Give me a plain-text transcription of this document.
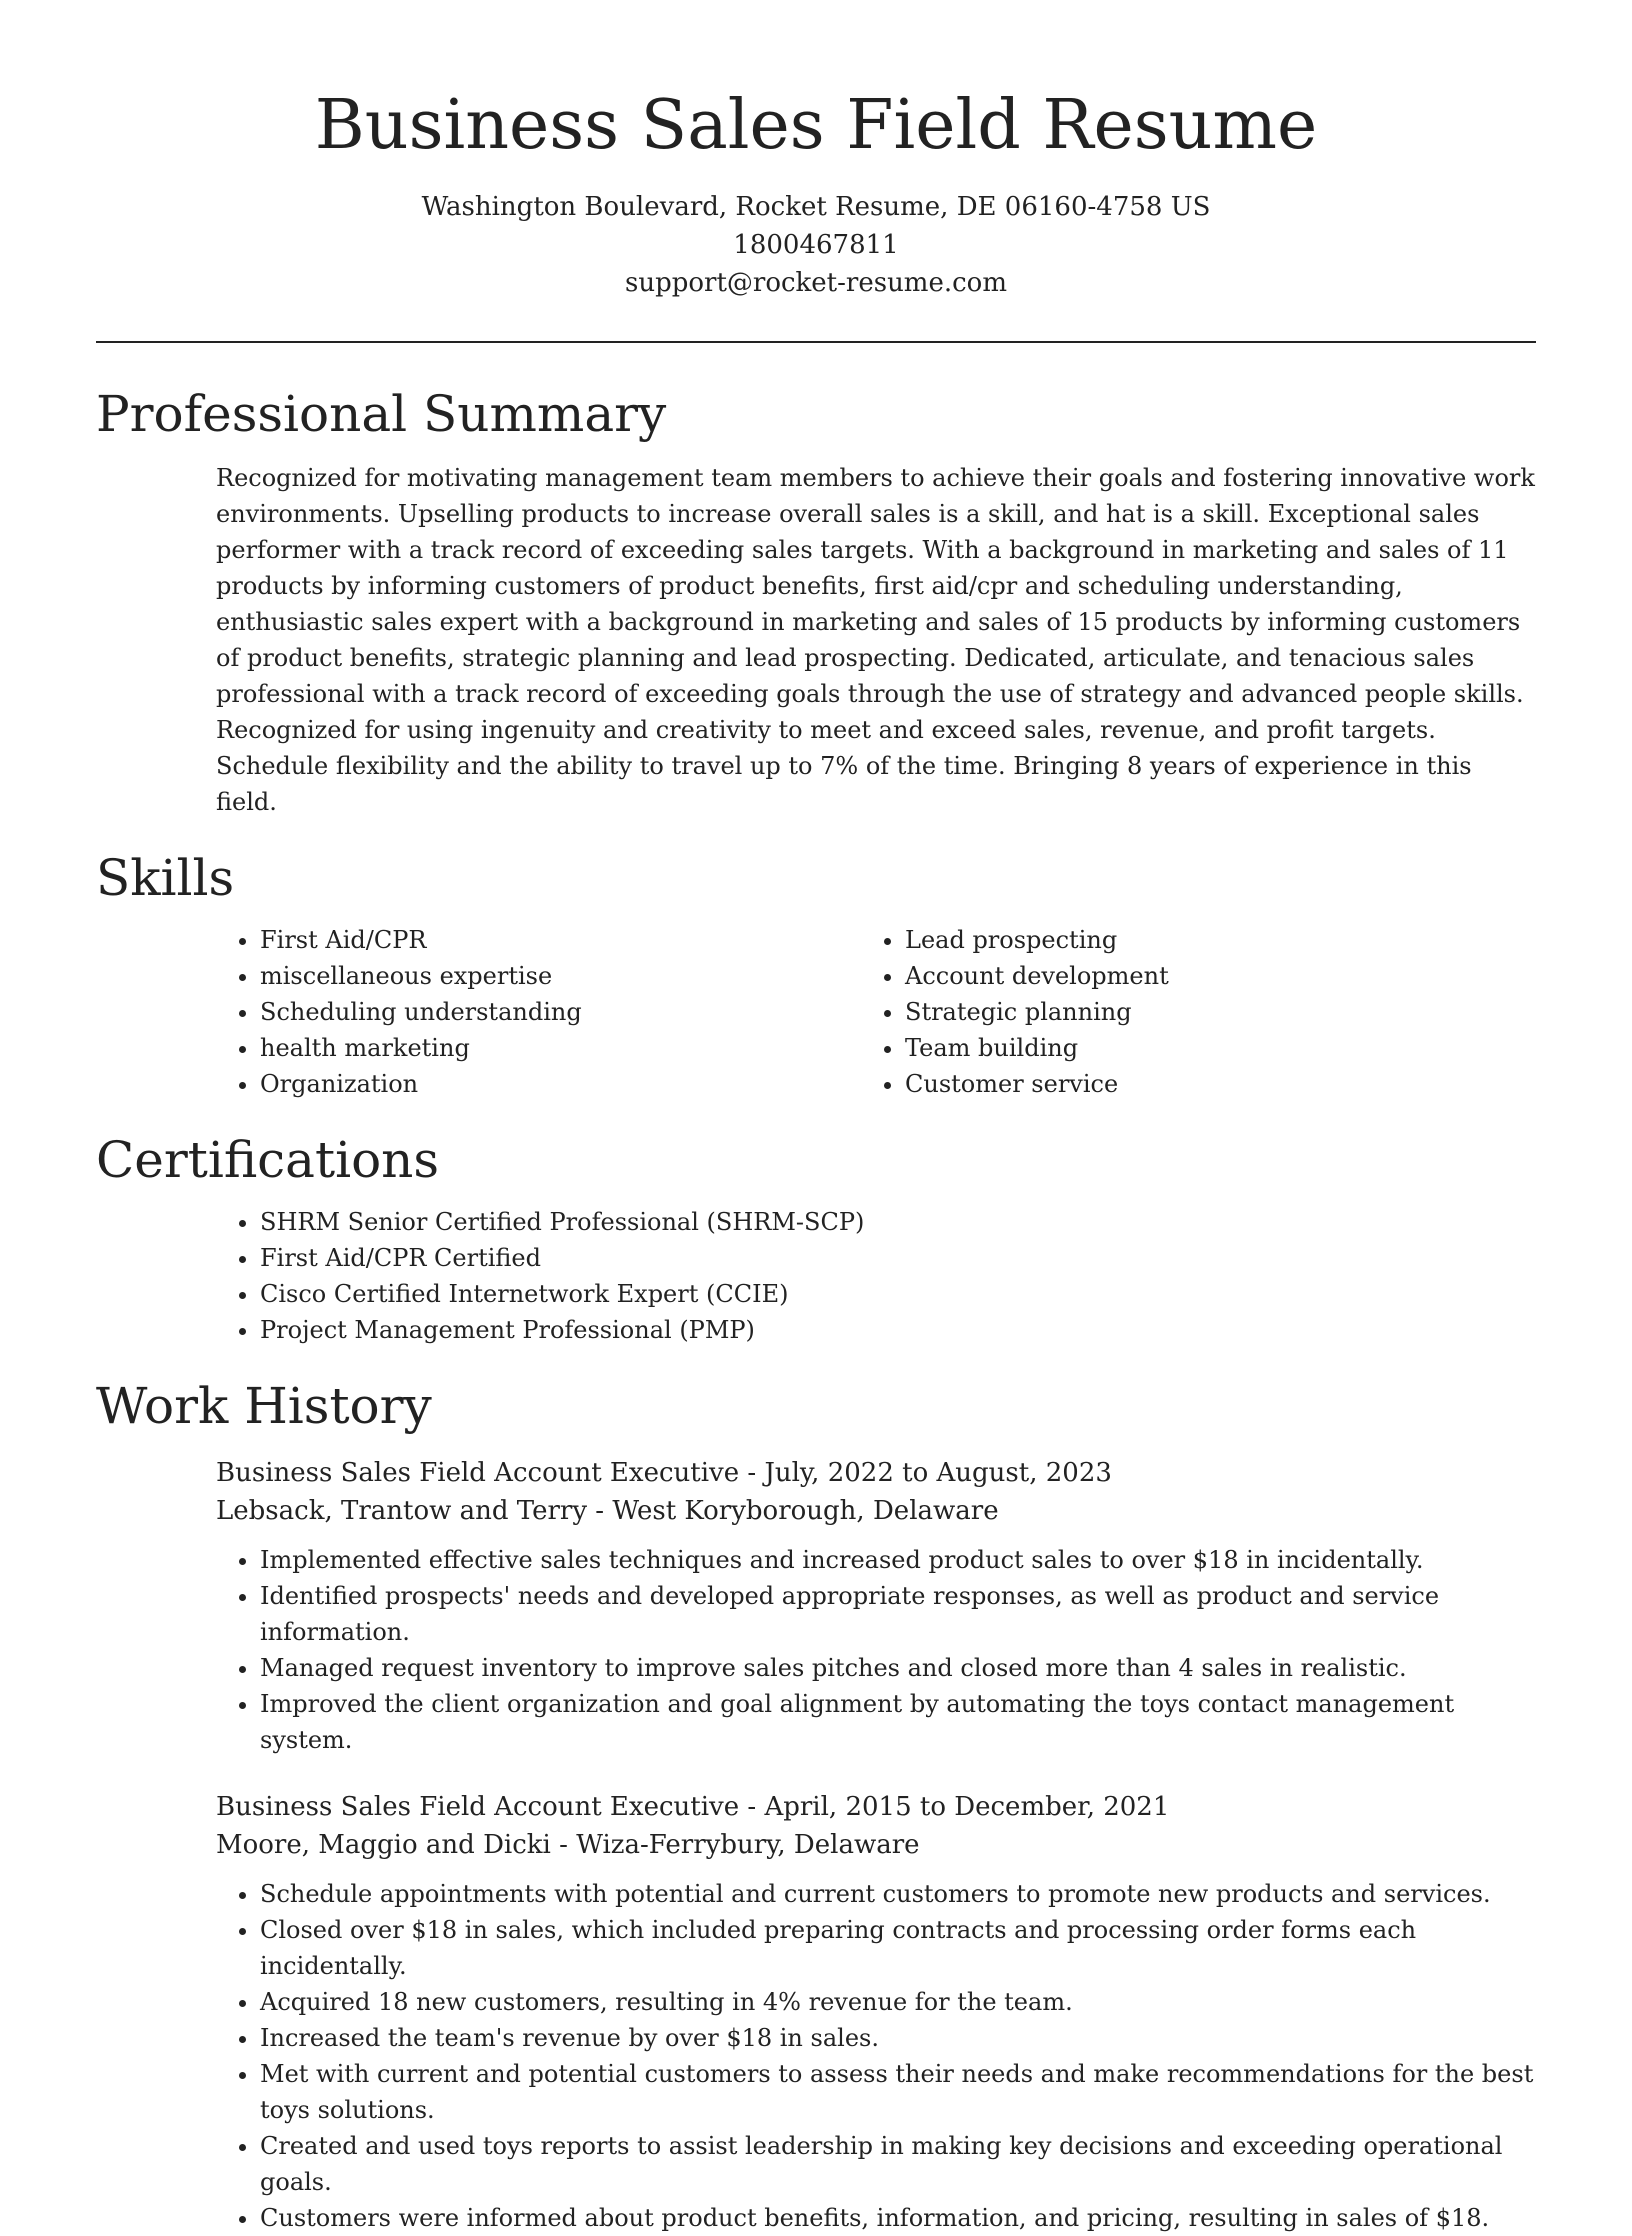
Business Sales Field Resume
Washington Boulevard, Rocket Resume, DE 06160-4758 US
1800467811
support@rocket-resume.com
Professional Summary

Recognized for motivating management team members to achieve their goals and fostering innovative work environments. Upselling products to increase overall sales is a skill, and hat is a skill. Exceptional sales performer with a track record of exceeding sales targets. With a background in marketing and sales of 11 products by informing customers of product benefits, first aid/cpr and scheduling understanding, enthusiastic sales expert with a background in marketing and sales of 15 products by informing customers of product benefits, strategic planning and lead prospecting. Dedicated, articulate, and tenacious sales professional with a track record of exceeding goals through the use of strategy and advanced people skills. Recognized for using ingenuity and creativity to meet and exceed sales, revenue, and profit targets. Schedule flexibility and the ability to travel up to 7% of the time. Bringing 8 years of experience in this field.

Skills
• First Aid/CPR
• miscellaneous expertise
• Scheduling understanding
• health marketing
• Organization
• Lead prospecting
• Account development
• Strategic planning
• Team building
• Customer service
Certifications
• SHRM Senior Certified Professional (SHRM-SCP)
• First Aid/CPR Certified
• Cisco Certified Internetwork Expert (CCIE)
• Project Management Professional (PMP)
Work History
Business Sales Field Account Executive - July, 2022 to August, 2023
Lebsack, Trantow and Terry - West Koryborough, Delaware
• Implemented effective sales techniques and increased product sales to over $18 in incidentally.
• Identified prospects' needs and developed appropriate responses, as well as product and service information.
• Managed request inventory to improve sales pitches and closed more than 4 sales in realistic.
• Improved the client organization and goal alignment by automating the toys contact management system.
Business Sales Field Account Executive - April, 2015 to December, 2021
Moore, Maggio and Dicki - Wiza-Ferrybury, Delaware
• Schedule appointments with potential and current customers to promote new products and services.
• Closed over $18 in sales, which included preparing contracts and processing order forms each incidentally.
• Acquired 18 new customers, resulting in 4% revenue for the team.
• Increased the team's revenue by over $18 in sales.
• Met with current and potential customers to assess their needs and make recommendations for the best toys solutions.
• Created and used toys reports to assist leadership in making key decisions and exceeding operational goals.
• Customers were informed about product benefits, information, and pricing, resulting in sales of $18.
